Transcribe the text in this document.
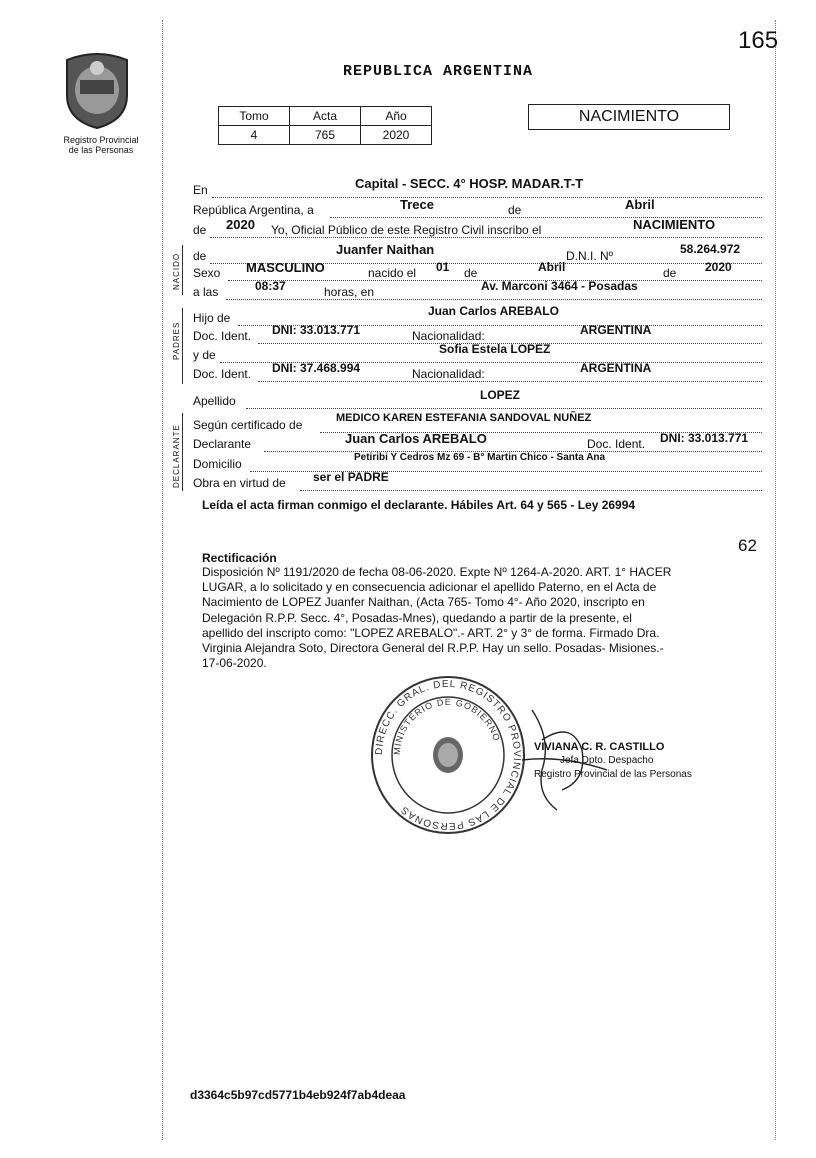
165
Registro Provincial
de las Personas
REPUBLICA ARGENTINA
Tomo	Acta	Año
4	765	2020
NACIMIENTO
En	Capital - SECC. 4° HOSP. MADAR.T-T
República Argentina, a	Trece	de	Abril
de 2020 Yo, Oficial Público de este Registro Civil inscribo el	NACIMIENTO
NACIDO de	Juanfer Naithan	D.N.I. Nº	58.264.972
Sexo MASCULINO	nacido el 01 de	Abril	de 2020
a las	08:37	horas, en	Av. Marconi 3464 - Posadas
PADRES
Hijo de	Juan Carlos AREBALO
Doc. Ident. DNI: 33.013.771	Nacionalidad:	ARGENTINA
y de	Sofia Estela LOPEZ
Doc. Ident. DNI: 37.468.994	Nacionalidad:	ARGENTINA
Apellido	LOPEZ
DECLARANTE Según certificado de	MEDICO KAREN ESTEFANIA SANDOVAL NUÑEZ
Declarante	Juan Carlos AREBALO	Doc. Ident. DNI: 33.013.771
Domicilio	Petiribi Y Cedros Mz 69 - B° Martin Chico - Santa Ana
Obra en virtud de ser el PADRE
Leída el acta firman conmigo el declarante. Hábiles Art. 64 y 565 - Ley 26994
62
Rectificación
Disposición Nº 1191/2020 de fecha 08-06-2020. Expte Nº 1264-A-2020. ART. 1° HACER
LUGAR, a lo solicitado y en consecuencia adicionar el apellido Paterno, en el Acta de
Nacimiento de LOPEZ Juanfer Naithan, (Acta 765- Tomo 4°- Año 2020, inscripto en
Delegación R.P.P. Secc. 4°, Posadas-Mnes), quedando a partir de la presente, el
apellido del inscripto como: "LOPEZ AREBALO".- ART. 2° y 3° de forma. Firmado Dra.
Virginia Alejandra Soto, Directora General del R.P.P. Hay un sello. Posadas- Misiones.-
17-06-2020.
DIRECC. GRAL. DEL REGISTRO PROVINCIAL DE LAS PERSONAS
MINISTERIO DE GOBIERNO
VIVIANA C. R. CASTILLO
Jefa Dpto. Despacho
Registro Provincial de las Personas
d3364c5b97cd5771b4eb924f7ab4deaa
